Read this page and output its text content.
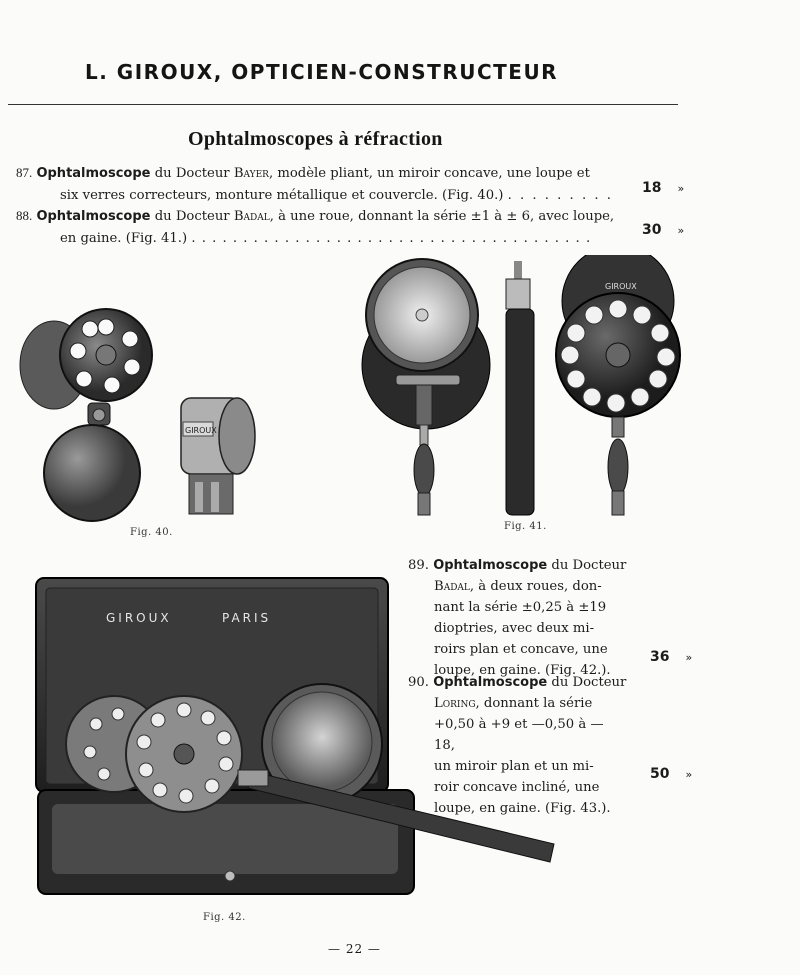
L. GIROUX, OPTICIEN-CONSTRUCTEUR
Ophtalmoscopes à réfraction
87. Ophtalmoscope du Docteur Bayer, modèle pliant, un miroir concave, une loupe et
six verres correcteurs, monture métallique et couvercle. (Fig. 40.) . . . . . . . . . 18 »
88. Ophtalmoscope du Docteur Badal, à une roue, donnant la série ±1 à ± 6, avec loupe,
en gaine. (Fig. 41.) . . . . . . . . . . . . . . . . . . . . . . . . . . . . . . . . . . . . . . .
30 »
Fig. 40.
GIROUX
GIROUX
Fig. 41.
GIROUX	PARIS
Fig. 42.
89. Ophtalmoscope du Docteur
Badal, à deux roues, don-
nant la série ±0,25 à ±19
dioptries, avec deux mi-
roirs plan et concave, une
loupe, en gaine. (Fig. 42.).
36 »
90. Ophtalmoscope du Docteur
Loring, donnant la série
+0,50 à +9 et —0,50 à —18,
un miroir plan et un mi-
roir concave incliné, une
loupe, en gaine. (Fig. 43.).
50 »
— 22 —
